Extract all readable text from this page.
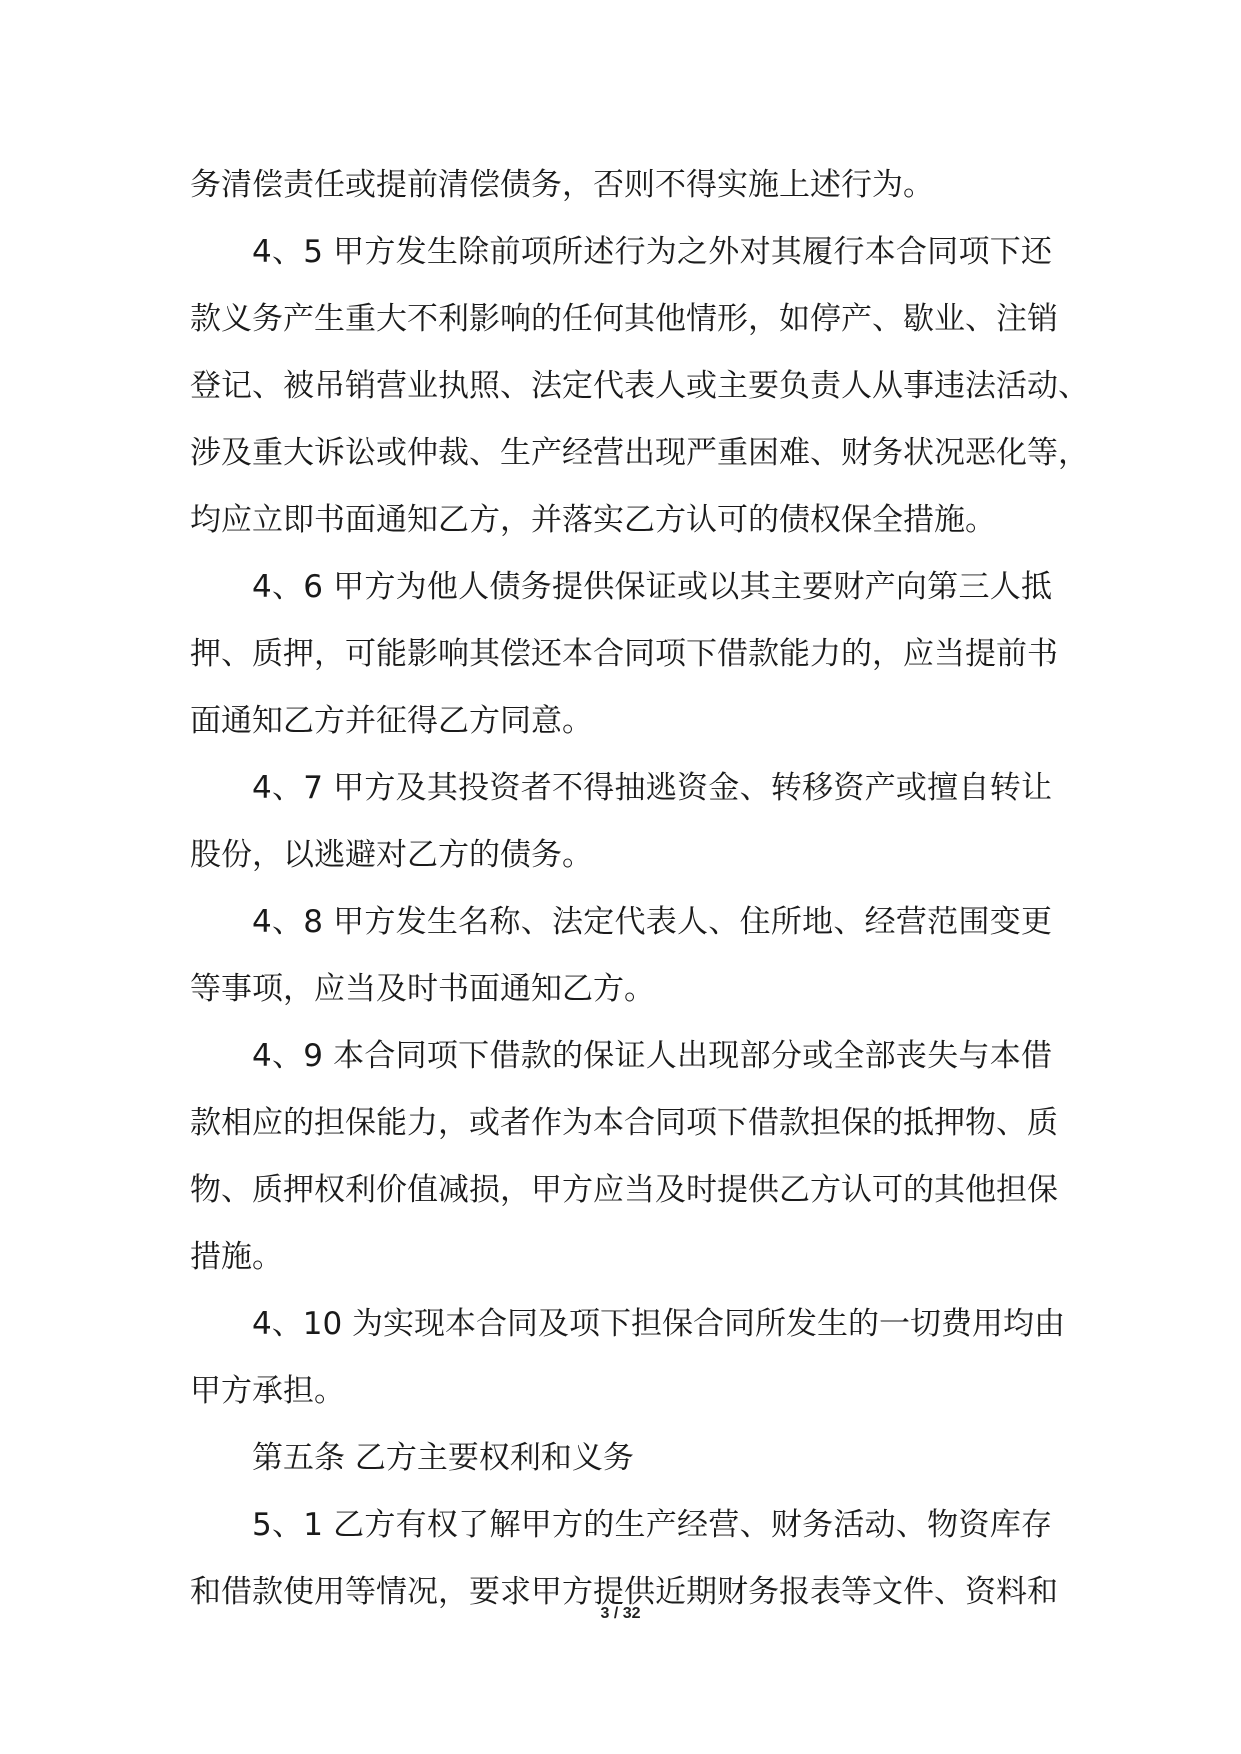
务清偿责任或提前清偿债务，否则不得实施上述行为。
4、5 甲方发生除前项所述行为之外对其履行本合同项下还
款义务产生重大不利影响的任何其他情形，如停产、歇业、注销
登记、被吊销营业执照、法定代表人或主要负责人从事违法活动、
涉及重大诉讼或仲裁、生产经营出现严重困难、财务状况恶化等，
均应立即书面通知乙方，并落实乙方认可的债权保全措施。
4、6 甲方为他人债务提供保证或以其主要财产向第三人抵
押、质押，可能影响其偿还本合同项下借款能力的，应当提前书
面通知乙方并征得乙方同意。
4、7 甲方及其投资者不得抽逃资金、转移资产或擅自转让
股份，以逃避对乙方的债务。
4、8 甲方发生名称、法定代表人、住所地、经营范围变更
等事项，应当及时书面通知乙方。
4、9 本合同项下借款的保证人出现部分或全部丧失与本借
款相应的担保能力，或者作为本合同项下借款担保的抵押物、质
物、质押权利价值减损，甲方应当及时提供乙方认可的其他担保
措施。
4、10 为实现本合同及项下担保合同所发生的一切费用均由
甲方承担。
第五条 乙方主要权利和义务
5、1 乙方有权了解甲方的生产经营、财务活动、物资库存
和借款使用等情况，要求甲方提供近期财务报表等文件、资料和
3 / 32
